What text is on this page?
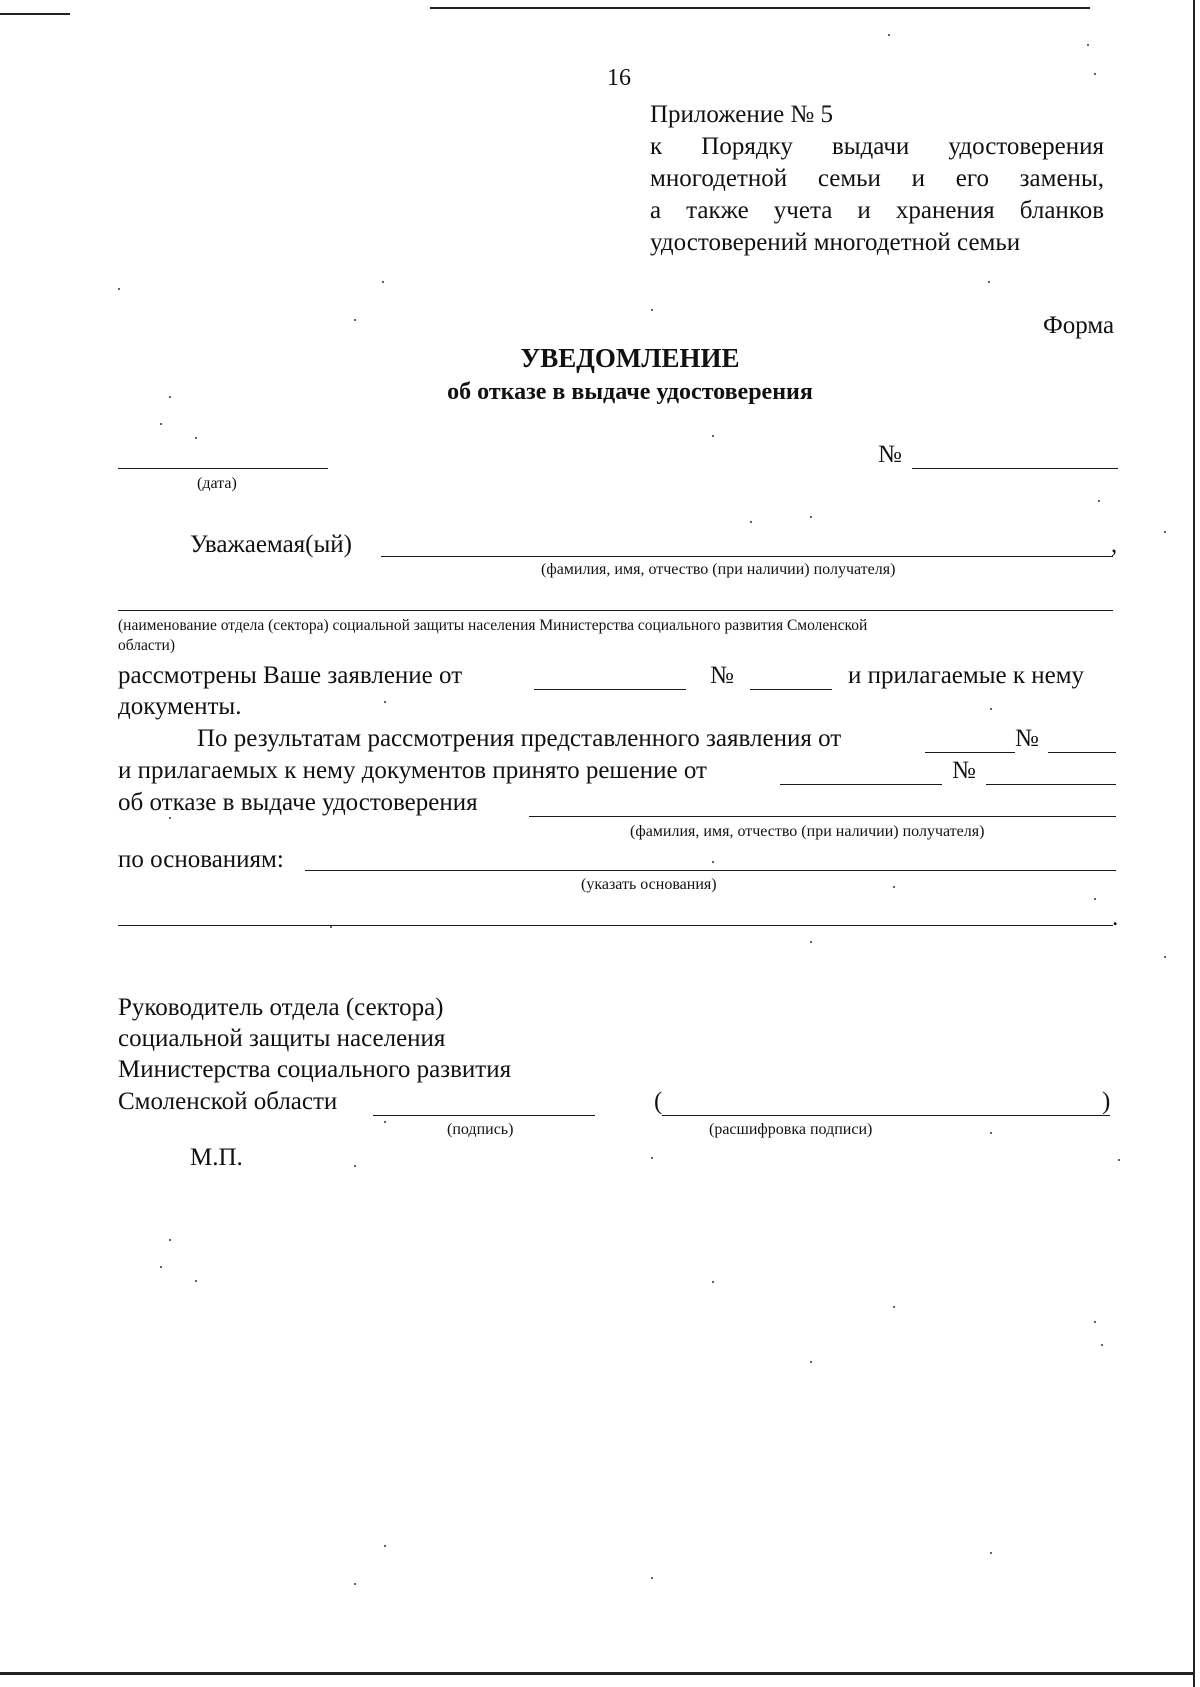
16
Приложение № 5
к Порядку выдачи удостоверения
многодетной семьи и его замены,
а также учета и хранения бланков
удостоверений многодетной семьи
Форма
УВЕДОМЛЕНИЕ
об отказе в выдаче удостоверения
(дата)
№
Уважаемая(ый)	,
(фамилия, имя, отчество (при наличии) получателя)
(наименование отдела (сектора) социальной защиты населения Министерства социального развития Смоленской
области)
рассмотрены Ваше заявление от	№	и прилагаемые к нему
документы.
По результатам рассмотрения представленного заявления от	№
и прилагаемых к нему документов принято решение от	№
об отказе в выдаче удостоверения
(фамилия, имя, отчество (при наличии) получателя)
по основаниям:
(указать основания)
.
Руководитель отдела (сектора)
социальной защиты населения
Министерства социального развития
Смоленской области
(подпись)
(	)
(расшифровка подписи)
М.П.
